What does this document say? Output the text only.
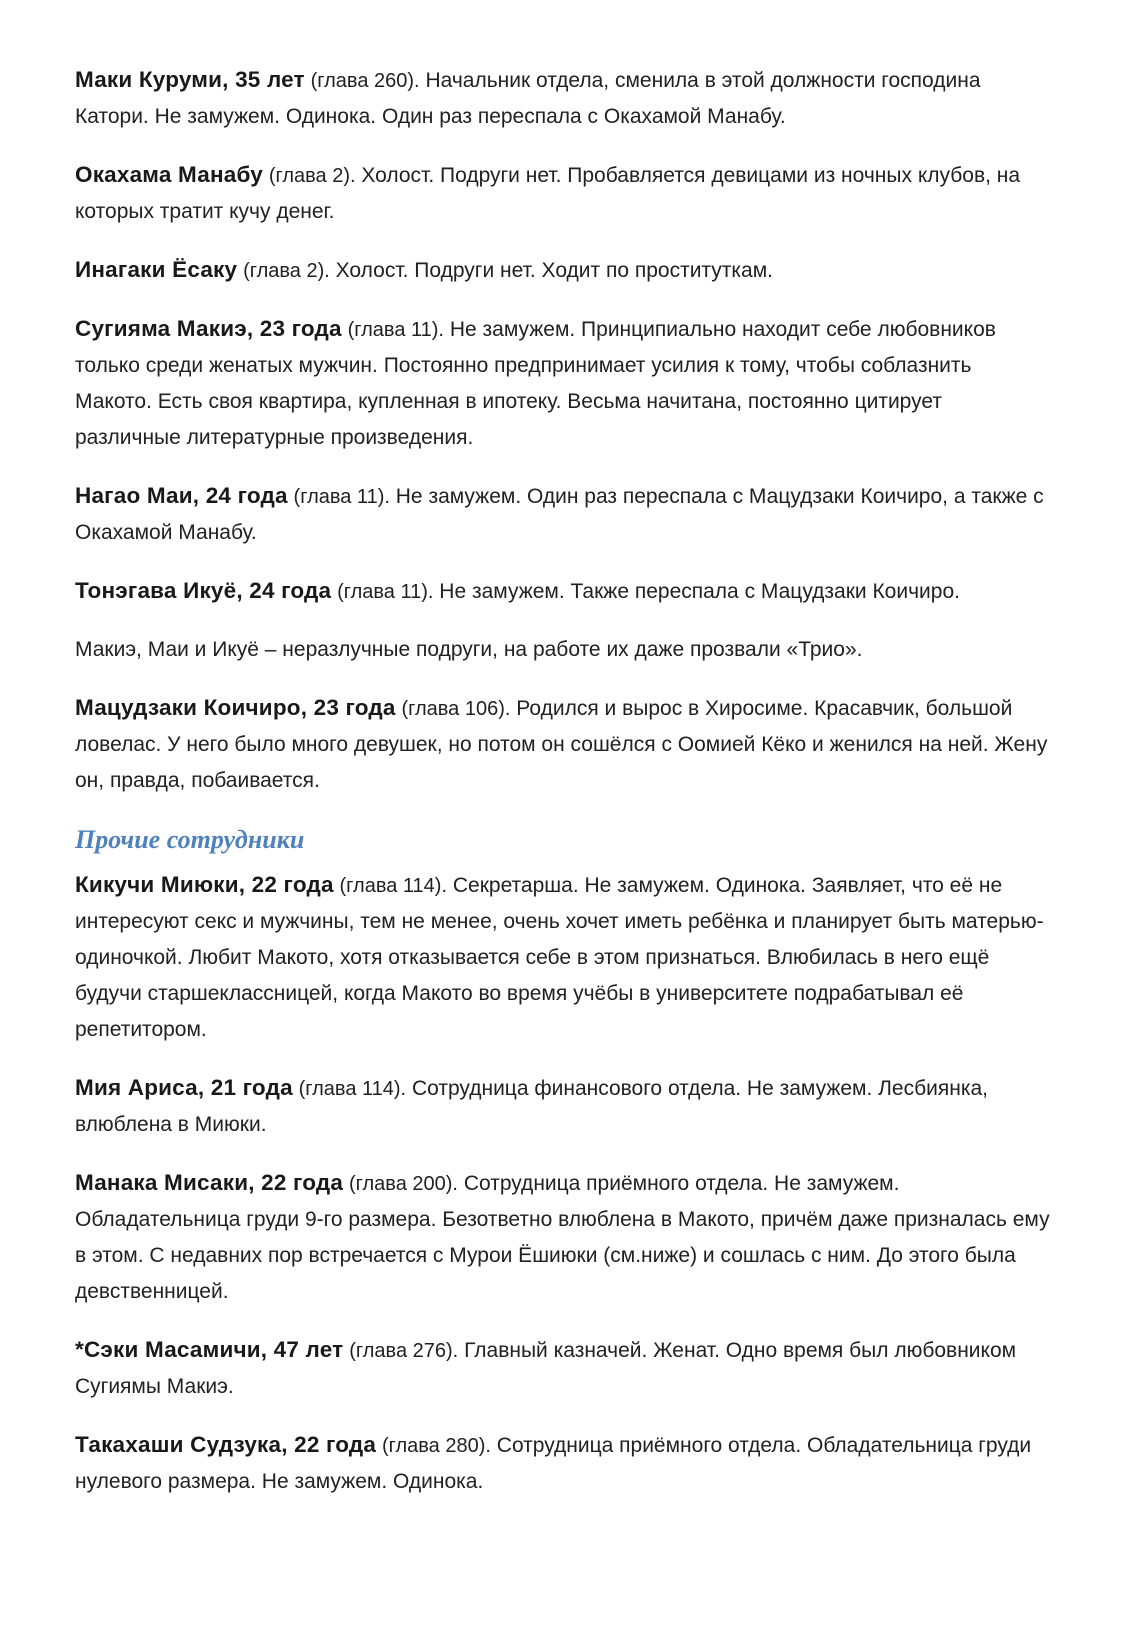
Маки Куруми, 35 лет (глава 260). Начальник отдела, сменила в этой должности господина Катори. Не замужем. Одинока. Один раз переспала с Окахамой Манабу.

Окахама Манабу (глава 2). Холост. Подруги нет. Пробавляется девицами из ночных клубов, на которых тратит кучу денег.

Инагаки Ёсаку (глава 2). Холост. Подруги нет. Ходит по проституткам.

Сугияма Макиэ, 23 года (глава 11). Не замужем. Принципиально находит себе любовников только среди женатых мужчин. Постоянно предпринимает усилия к тому, чтобы соблазнить Макото. Есть своя квартира, купленная в ипотеку. Весьма начитана, постоянно цитирует различные литературные произведения.

Нагао Маи, 24 года (глава 11). Не замужем. Один раз переспала с Мацудзаки Коичиро, а также с Окахамой Манабу.

Тонэгава Икуё, 24 года (глава 11). Не замужем. Также переспала с Мацудзаки Коичиро.

Макиэ, Маи и Икуё – неразлучные подруги, на работе их даже прозвали «Трио».

Мацудзаки Коичиро, 23 года (глава 106). Родился и вырос в Хиросиме. Красавчик, большой ловелас. У него было много девушек, но потом он сошёлся с Оомией Кёко и женился на ней. Жену он, правда, побаивается.

Прочие сотрудники

Кикучи Миюки, 22 года (глава 114). Секретарша. Не замужем. Одинока. Заявляет, что её не интересуют секс и мужчины, тем не менее, очень хочет иметь ребёнка и планирует быть матерью-одиночкой. Любит Макото, хотя отказывается себе в этом признаться. Влюбилась в него ещё будучи старшеклассницей, когда Макото во время учёбы в университете подрабатывал её репетитором.

Мия Ариса, 21 года (глава 114). Сотрудница финансового отдела. Не замужем. Лесбиянка, влюблена в Миюки.

Манака Мисаки, 22 года (глава 200). Сотрудница приёмного отдела. Не замужем. Обладательница груди 9-го размера. Безответно влюблена в Макото, причём даже призналась ему в этом. С недавних пор встречается с Мурои Ёшиюки (см.ниже) и сошлась с ним. До этого была девственницей.

*Сэки Масамичи, 47 лет (глава 276). Главный казначей. Женат. Одно время был любовником Сугиямы Макиэ.

Такахаши Судзука, 22 года (глава 280). Сотрудница приёмного отдела. Обладательница груди нулевого размера. Не замужем. Одинока.
